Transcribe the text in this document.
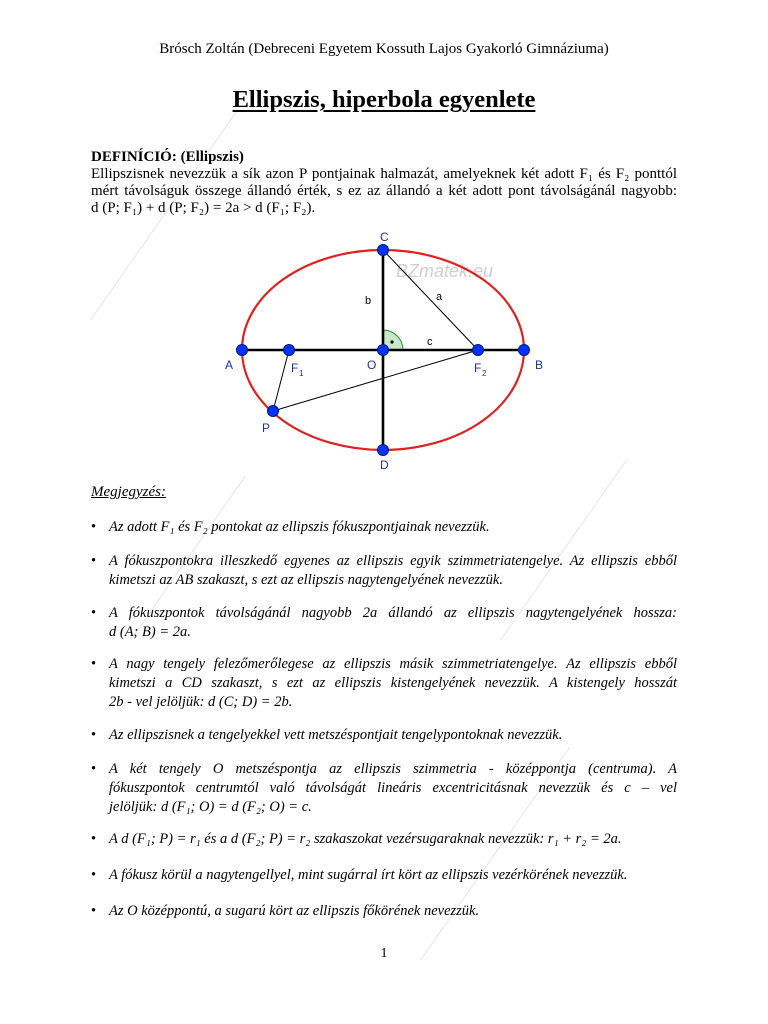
Brósch Zoltán (Debreceni Egyetem Kossuth Lajos Gyakorló Gimnáziuma)
Ellipszis, hiperbola egyenlete
DEFINÍCIÓ: (Ellipszis)
Ellipszisnek nevezzük a sík azon P pontjainak halmazát, amelyeknek két adott F₁ és F₂ ponttól
mért távolságuk összege állandó érték, s ez az állandó a két adott pont távolságánál nagyobb:
d (P; F₁) + d (P; F₂) = 2a > d (F₁; F₂).
BZmatek.eu
A	B
C
D
O
P
F 1	F 2
a
b
c
Megjegyzés:
• Az adott F₁ és F₂ pontokat az ellipszis fókuszpontjainak nevezzük.
• A fókuszpontokra illeszkedő egyenes az ellipszis egyik szimmetriatengelye. Az ellipszis ebből
kimetszi az AB szakaszt, s ezt az ellipszis nagytengelyének nevezzük.
• A fókuszpontok távolságánál nagyobb 2a állandó az ellipszis nagytengelyének hossza:
d (A; B) = 2a.
• A nagy tengely felezőmerőlegese az ellipszis másik szimmetriatengelye. Az ellipszis ebből
kimetszi a CD szakaszt, s ezt az ellipszis kistengelyének nevezzük. A kistengely hosszát
2b - vel jelöljük: d (C; D) = 2b.
• Az ellipszisnek a tengelyekkel vett metszéspontjait tengelypontoknak nevezzük.
• A két tengely O metszéspontja az ellipszis szimmetria - középpontja (centruma). A
fókuszpontok centrumtól való távolságát lineáris excentricitásnak nevezzük és c – vel
jelöljük: d (F₁; O) = d (F₂; O) = c.
• A d (F₁; P) = r₁ és a d (F₂; P) = r₂ szakaszokat vezérsugaraknak nevezzük: r₁ + r₂ = 2a.
• A fókusz körül a nagytengellyel, mint sugárral írt kört az ellipszis vezérkörének nevezzük.
• Az O középpontú, a sugarú kört az ellipszis főkörének nevezzük.
1
